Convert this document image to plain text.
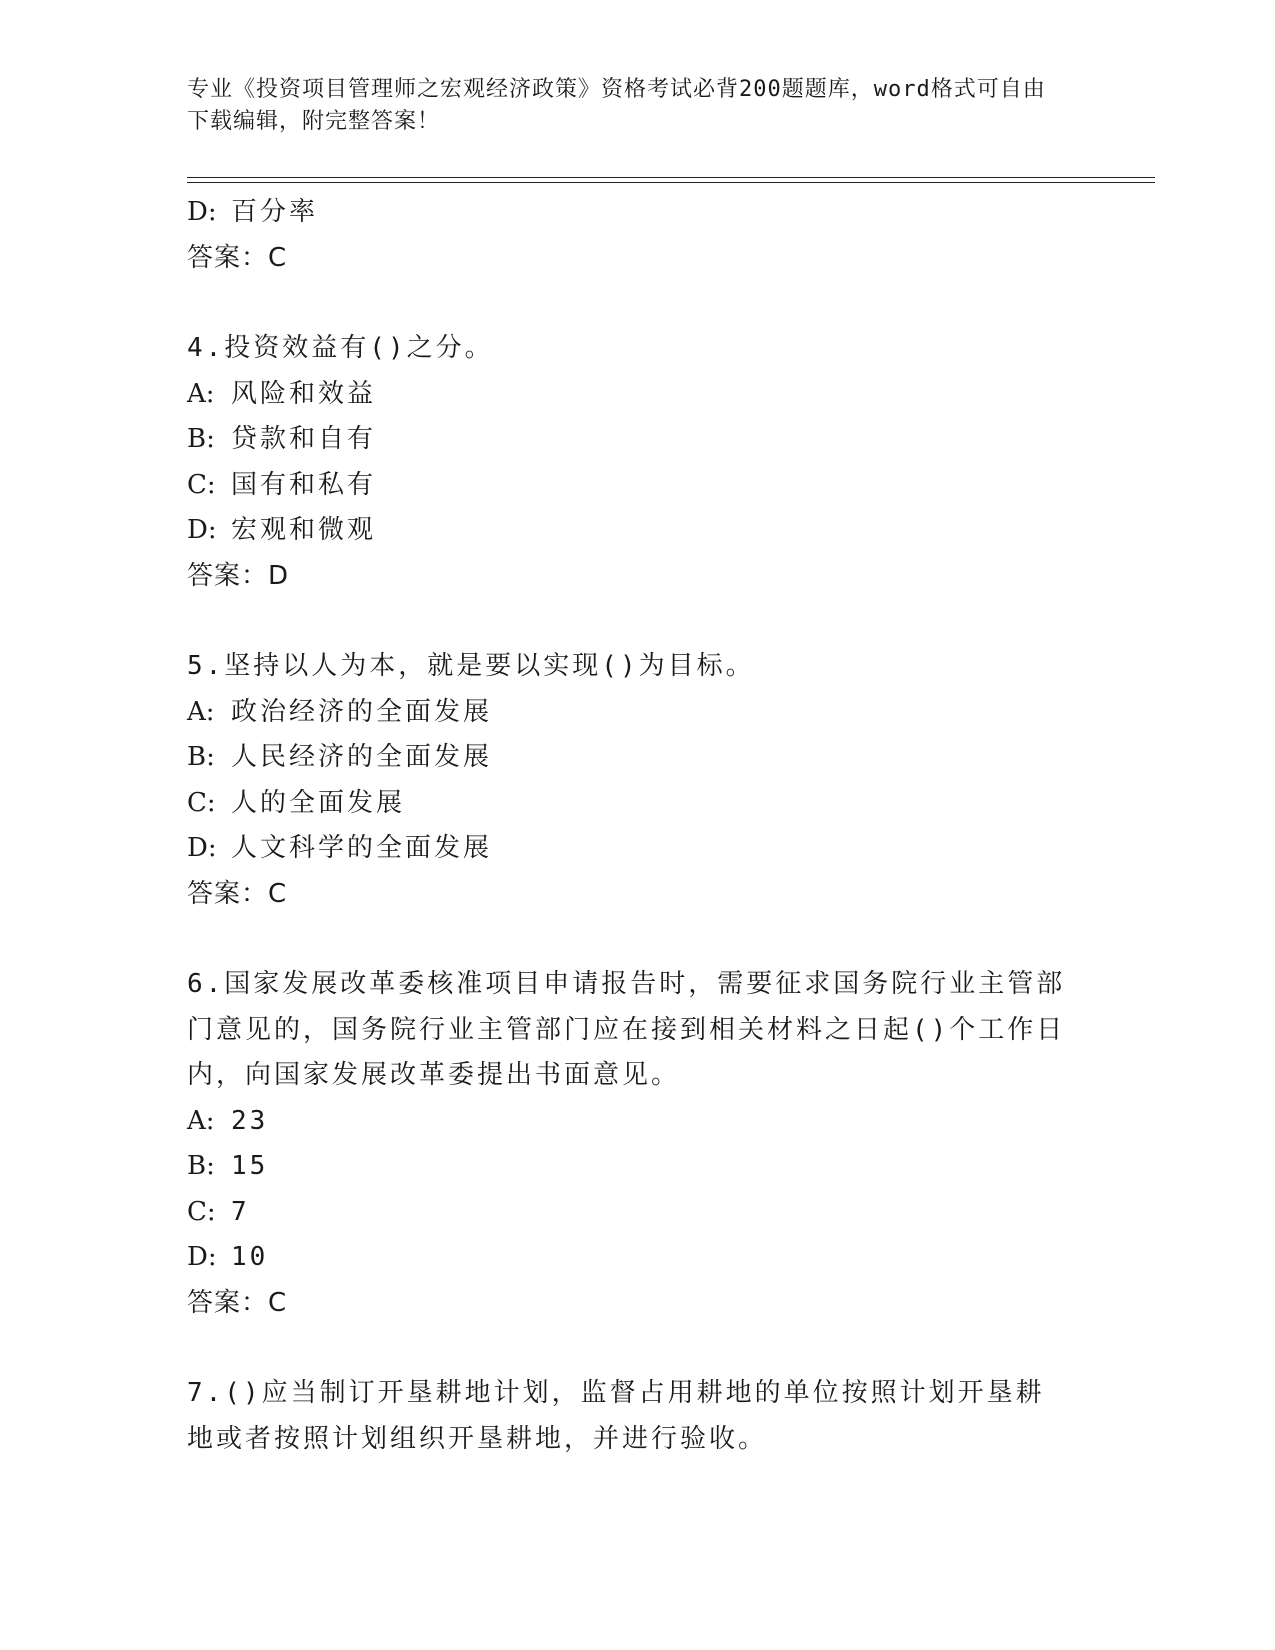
专业《投资项目管理师之宏观经济政策》资格考试必背200题题库，word格式可自由下载编辑，附完整答案！
D: 百分率
答案：C
4.投资效益有()之分。
A: 风险和效益
B: 贷款和自有
C: 国有和私有
D: 宏观和微观
答案：D
5.坚持以人为本，就是要以实现()为目标。
A: 政治经济的全面发展
B: 人民经济的全面发展
C: 人的全面发展
D: 人文科学的全面发展
答案：C
6.国家发展改革委核准项目申请报告时，需要征求国务院行业主管部门意见的，国务院行业主管部门应在接到相关材料之日起()个工作日内，向国家发展改革委提出书面意见。
A: 23
B: 15
C: 7
D: 10
答案：C
7.()应当制订开垦耕地计划，监督占用耕地的单位按照计划开垦耕地或者按照计划组织开垦耕地，并进行验收。
